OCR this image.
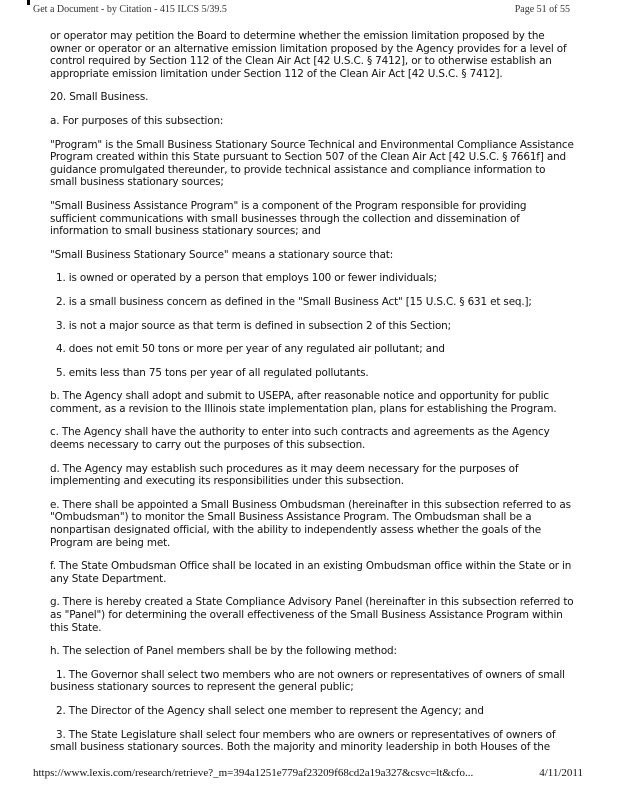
Get a Document - by Citation - 415 ILCS 5/39.5	Page 51 of 55

or operator may petition the Board to determine whether the emission limitation proposed by the owner or operator or an alternative emission limitation proposed by the Agency provides for a level of control required by Section 112 of the Clean Air Act [42 U.S.C. § 7412], or to otherwise establish an appropriate emission limitation under Section 112 of the Clean Air Act [42 U.S.C. § 7412].

20. Small Business.

a. For purposes of this subsection:

"Program" is the Small Business Stationary Source Technical and Environmental Compliance Assistance Program created within this State pursuant to Section 507 of the Clean Air Act [42 U.S.C. § 7661f] and guidance promulgated thereunder, to provide technical assistance and compliance information to small business stationary sources;

"Small Business Assistance Program" is a component of the Program responsible for providing sufficient communications with small businesses through the collection and dissemination of information to small business stationary sources; and

"Small Business Stationary Source" means a stationary source that:

1. is owned or operated by a person that employs 100 or fewer individuals;

2. is a small business concern as defined in the "Small Business Act" [15 U.S.C. § 631 et seq.];

3. is not a major source as that term is defined in subsection 2 of this Section;

4. does not emit 50 tons or more per year of any regulated air pollutant; and

5. emits less than 75 tons per year of all regulated pollutants.

b. The Agency shall adopt and submit to USEPA, after reasonable notice and opportunity for public comment, as a revision to the Illinois state implementation plan, plans for establishing the Program.

c. The Agency shall have the authority to enter into such contracts and agreements as the Agency deems necessary to carry out the purposes of this subsection.

d. The Agency may establish such procedures as it may deem necessary for the purposes of implementing and executing its responsibilities under this subsection.

e. There shall be appointed a Small Business Ombudsman (hereinafter in this subsection referred to as "Ombudsman") to monitor the Small Business Assistance Program. The Ombudsman shall be a nonpartisan designated official, with the ability to independently assess whether the goals of the Program are being met.

f. The State Ombudsman Office shall be located in an existing Ombudsman office within the State or in any State Department.

g. There is hereby created a State Compliance Advisory Panel (hereinafter in this subsection referred to as "Panel") for determining the overall effectiveness of the Small Business Assistance Program within this State.

h. The selection of Panel members shall be by the following method:

1. The Governor shall select two members who are not owners or representatives of owners of small business stationary sources to represent the general public;

2. The Director of the Agency shall select one member to represent the Agency; and

3. The State Legislature shall select four members who are owners or representatives of owners of small business stationary sources. Both the majority and minority leadership in both Houses of the

https://www.lexis.com/research/retrieve?_m=394a1251e779af23209f68cd2a19a327&csvc=lt&cfo...	4/11/2011
